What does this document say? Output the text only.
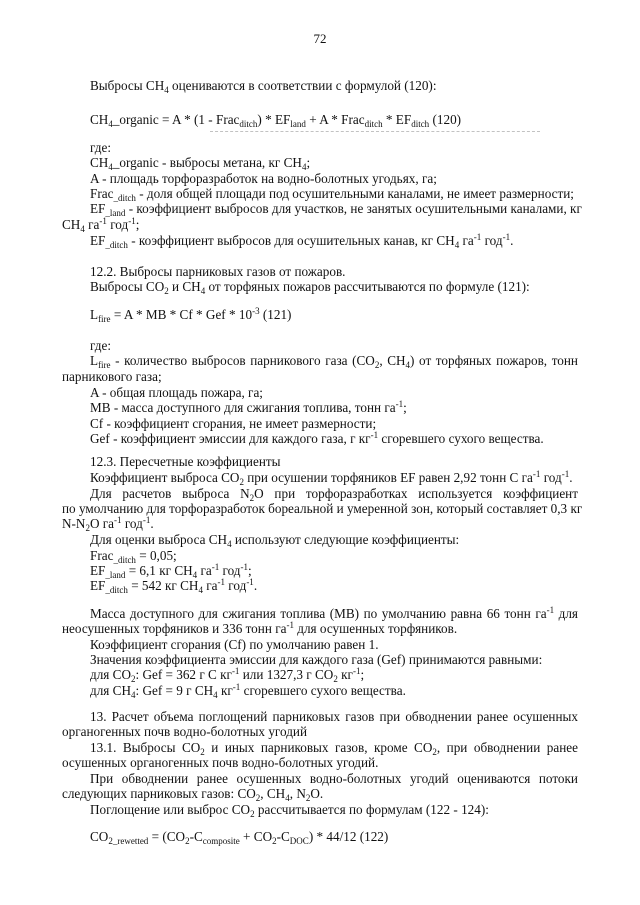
72
Выбросы $CH_4$ оцениваются в соответствии с формулой (120):
$CH_4\_organic = A * (1$ - Frac$_{ditch}$) * $EF_{land} + A$ * Frac$_{ditch}$ * $EF_{ditch}$ (120)
где:
$CH_4\_organic$ - выбросы метана, кг $CH_4$;
A - площадь торфоразработок на водно-болотных угодьях, га;
Frac$_{\_ditch}$ - доля общей площади под осушительными каналами, не имеет размерности;
$EF_{\_land}$ - коэффициент выбросов для участков, не занятых осушительными каналами, кг
$CH_4$ $га^{-1}$ год$^{-1}$;
$EF_{\_ditch}$ - коэффициент выбросов для осушительных канав, кг $CH_4$ $га^{-1}$ год$^{-1}$.
12.2. Выбросы парниковых газов от пожаров.
Выбросы $CO_2$ и $CH_4$ от торфяных пожаров рассчитываются по формуле (121):
$L_{fire} = A$ * MB * Cf * Gef * $10^{-3}$ (121)
где:
$L_{fire}$ - количество выбросов парникового газа ($CO_2$, $CH_4$) от торфяных пожаров, тонн
парникового газа;
A - общая площадь пожара, га;
MB - масса доступного для сжигания топлива, тонн $га^{-1}$;
Cf - коэффициент сгорания, не имеет размерности;
Gef - коэффициент эмиссии для каждого газа, г $кг^{-1}$ сгоревшего сухого вещества.
12.3. Пересчетные коэффициенты
Коэффициент выброса $CO_2$ при осушении торфяников EF равен 2,92 тонн С $га^{-1}$ год$^{-1}$.
Для расчетов выброса $N_2O$ при торфоразработках используется коэффициент
по умолчанию для торфоразработок бореальной и умеренной зон, который составляет 0,3 кг
$N-N_2O$ $га^{-1}$ год$^{-1}$.
Для оценки выброса $CH_4$ используют следующие коэффициенты:
Frac$_{\_ditch}$ = 0,05;
$EF_{\_land} = 6,1$ кг $CH_4$ $га^{-1}$ год$^{-1}$;
$EF_{\_ditch} = 542$ кг $CH_4$ $га^{-1}$ год$^{-1}$.
Масса доступного для сжигания топлива (MB) по умолчанию равна 66 тонн $га^{-1}$ для
неосушенных торфяников и 336 тонн $га^{-1}$ для осушенных торфяников.
Коэффициент сгорания (Cf) по умолчанию равен 1.
Значения коэффициента эмиссии для каждого газа (Gef) принимаются равными:
для $CO_2$: Gef = 362 г С $кг^{-1}$ или 1327,3 г $CO_2$ $кг^{-1}$;
для $CH_4$: Gef = 9 г $CH_4$ $кг^{-1}$ сгоревшего сухого вещества.
13. Расчет объема поглощений парниковых газов при обводнении ранее осушенных
органогенных почв водно-болотных угодий
13.1. Выбросы $CO_2$ и иных парниковых газов, кроме $CO_2$, при обводнении ранее
осушенных органогенных почв водно-болотных угодий.
При обводнении ранее осушенных водно-болотных угодий оцениваются потоки
следующих парниковых газов: $CO_2$, $CH_4$, $N_2O$.
Поглощение или выброс $CO_2$ рассчитывается по формулам (122 - 124):
$CO_{2\_rewetted} = (CO_2-C_{composite} + CO_2-C_{DOC}) * 44/12$ (122)
